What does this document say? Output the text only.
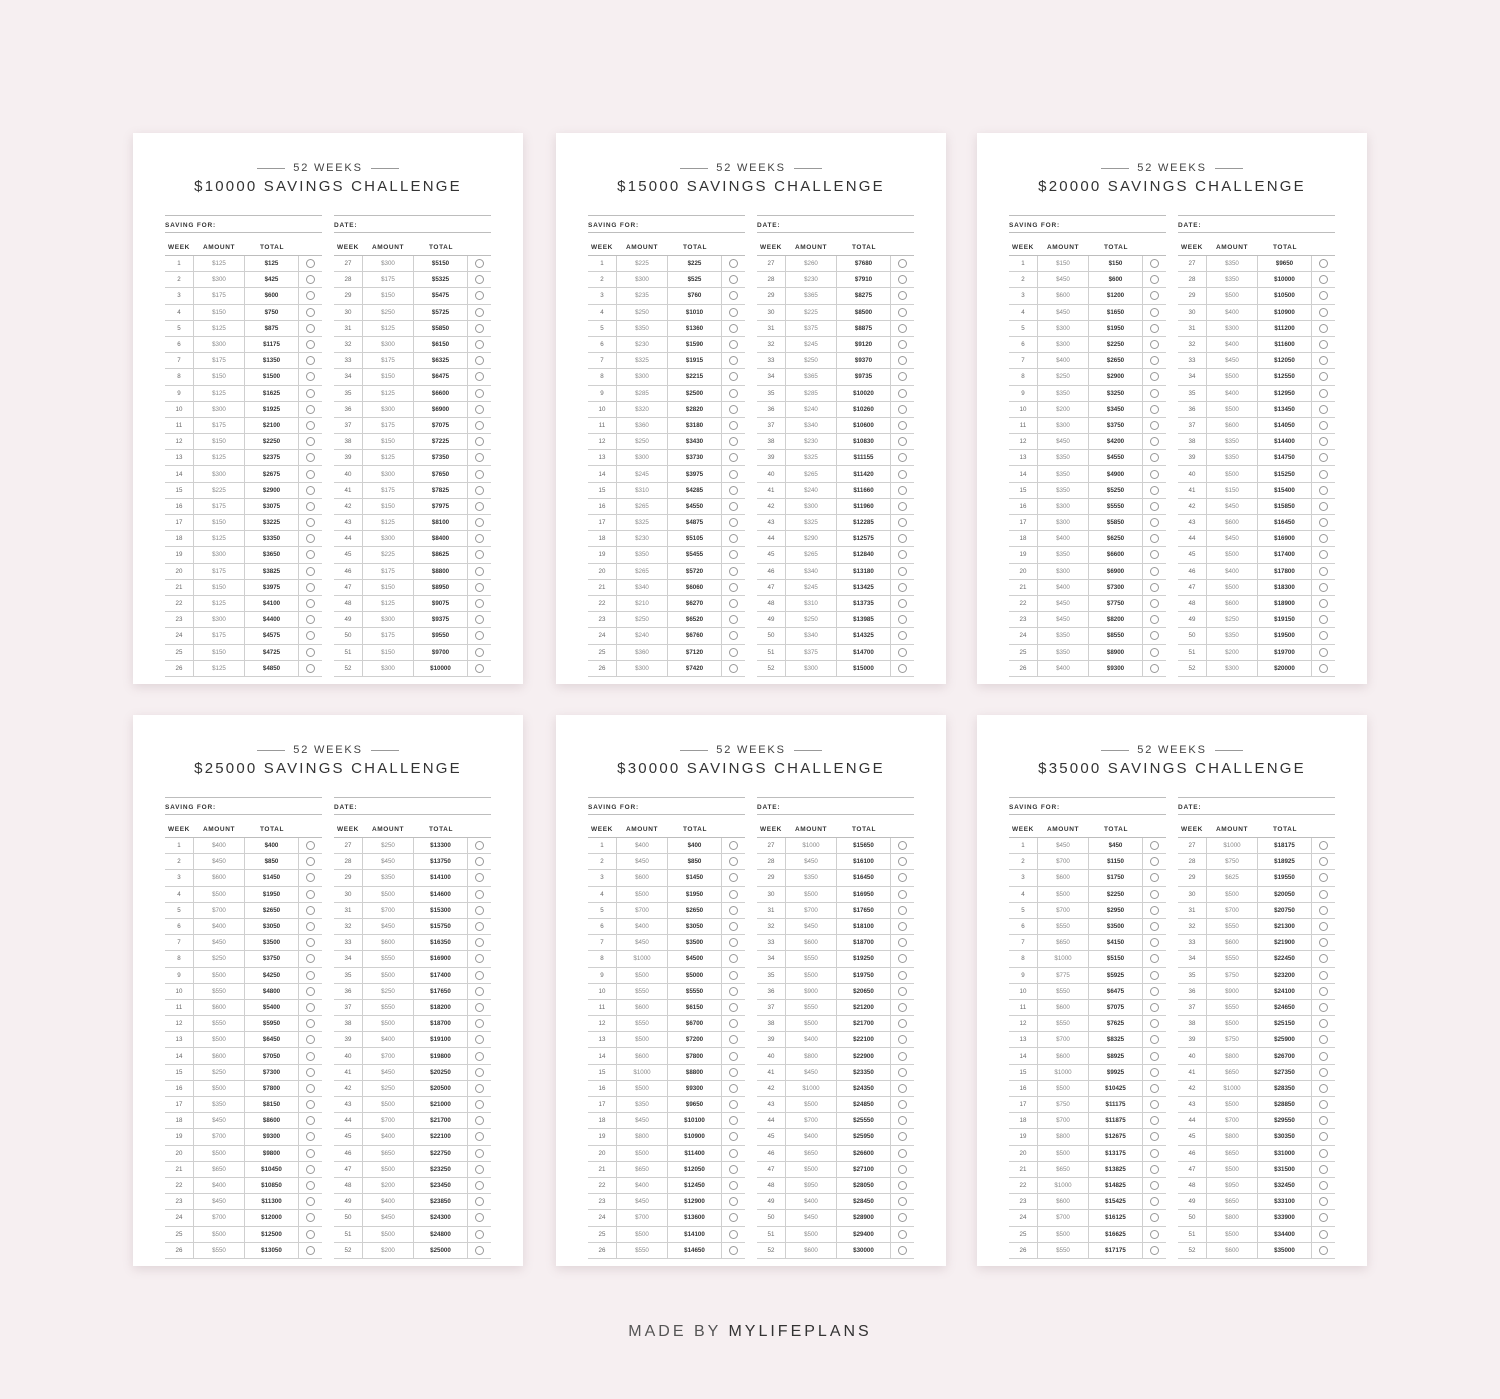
52 WEEKS
$10000 SAVINGS CHALLENGE
SAVING FOR:	DATE:
WEEK	AMOUNT	TOTAL
1	$125	$125
2	$300	$425
3	$175	$600
4	$150	$750
5	$125	$875
6	$300	$1175
7	$175	$1350
8	$150	$1500
9	$125	$1625
10	$300	$1925
11	$175	$2100
12	$150	$2250
13	$125	$2375
14	$300	$2675
15	$225	$2900
16	$175	$3075
17	$150	$3225
18	$125	$3350
19	$300	$3650
20	$175	$3825
21	$150	$3975
22	$125	$4100
23	$300	$4400
24	$175	$4575
25	$150	$4725
26	$125	$4850
WEEK	AMOUNT	TOTAL
27	$300	$5150
28	$175	$5325
29	$150	$5475
30	$250	$5725
31	$125	$5850
32	$300	$6150
33	$175	$6325
34	$150	$6475
35	$125	$6600
36	$300	$6900
37	$175	$7075
38	$150	$7225
39	$125	$7350
40	$300	$7650
41	$175	$7825
42	$150	$7975
43	$125	$8100
44	$300	$8400
45	$225	$8625
46	$175	$8800
47	$150	$8950
48	$125	$9075
49	$300	$9375
50	$175	$9550
51	$150	$9700
52	$300	$10000
52 WEEKS
$15000 SAVINGS CHALLENGE
SAVING FOR:	DATE:
WEEK	AMOUNT	TOTAL
1	$225	$225
2	$300	$525
3	$235	$760
4	$250	$1010
5	$350	$1360
6	$230	$1590
7	$325	$1915
8	$300	$2215
9	$285	$2500
10	$320	$2820
11	$360	$3180
12	$250	$3430
13	$300	$3730
14	$245	$3975
15	$310	$4285
16	$265	$4550
17	$325	$4875
18	$230	$5105
19	$350	$5455
20	$265	$5720
21	$340	$6060
22	$210	$6270
23	$250	$6520
24	$240	$6760
25	$360	$7120
26	$300	$7420
WEEK	AMOUNT	TOTAL
27	$260	$7680
28	$230	$7910
29	$365	$8275
30	$225	$8500
31	$375	$8875
32	$245	$9120
33	$250	$9370
34	$365	$9735
35	$285	$10020
36	$240	$10260
37	$340	$10600
38	$230	$10830
39	$325	$11155
40	$265	$11420
41	$240	$11660
42	$300	$11960
43	$325	$12285
44	$290	$12575
45	$265	$12840
46	$340	$13180
47	$245	$13425
48	$310	$13735
49	$250	$13985
50	$340	$14325
51	$375	$14700
52	$300	$15000
52 WEEKS
$20000 SAVINGS CHALLENGE
SAVING FOR:	DATE:
WEEK	AMOUNT	TOTAL
1	$150	$150
2	$450	$600
3	$600	$1200
4	$450	$1650
5	$300	$1950
6	$300	$2250
7	$400	$2650
8	$250	$2900
9	$350	$3250
10	$200	$3450
11	$300	$3750
12	$450	$4200
13	$350	$4550
14	$350	$4900
15	$350	$5250
16	$300	$5550
17	$300	$5850
18	$400	$6250
19	$350	$6600
20	$300	$6900
21	$400	$7300
22	$450	$7750
23	$450	$8200
24	$350	$8550
25	$350	$8900
26	$400	$9300
WEEK	AMOUNT	TOTAL
27	$350	$9650
28	$350	$10000
29	$500	$10500
30	$400	$10900
31	$300	$11200
32	$400	$11600
33	$450	$12050
34	$500	$12550
35	$400	$12950
36	$500	$13450
37	$600	$14050
38	$350	$14400
39	$350	$14750
40	$500	$15250
41	$150	$15400
42	$450	$15850
43	$600	$16450
44	$450	$16900
45	$500	$17400
46	$400	$17800
47	$500	$18300
48	$600	$18900
49	$250	$19150
50	$350	$19500
51	$200	$19700
52	$300	$20000
52 WEEKS
$25000 SAVINGS CHALLENGE
SAVING FOR:	DATE:
WEEK	AMOUNT	TOTAL
1	$400	$400
2	$450	$850
3	$600	$1450
4	$500	$1950
5	$700	$2650
6	$400	$3050
7	$450	$3500
8	$250	$3750
9	$500	$4250
10	$550	$4800
11	$600	$5400
12	$550	$5950
13	$500	$6450
14	$600	$7050
15	$250	$7300
16	$500	$7800
17	$350	$8150
18	$450	$8600
19	$700	$9300
20	$500	$9800
21	$650	$10450
22	$400	$10850
23	$450	$11300
24	$700	$12000
25	$500	$12500
26	$550	$13050
WEEK	AMOUNT	TOTAL
27	$250	$13300
28	$450	$13750
29	$350	$14100
30	$500	$14600
31	$700	$15300
32	$450	$15750
33	$600	$16350
34	$550	$16900
35	$500	$17400
36	$250	$17650
37	$550	$18200
38	$500	$18700
39	$400	$19100
40	$700	$19800
41	$450	$20250
42	$250	$20500
43	$500	$21000
44	$700	$21700
45	$400	$22100
46	$650	$22750
47	$500	$23250
48	$200	$23450
49	$400	$23850
50	$450	$24300
51	$500	$24800
52	$200	$25000
52 WEEKS
$30000 SAVINGS CHALLENGE
SAVING FOR:	DATE:
WEEK	AMOUNT	TOTAL
1	$400	$400
2	$450	$850
3	$600	$1450
4	$500	$1950
5	$700	$2650
6	$400	$3050
7	$450	$3500
8	$1000	$4500
9	$500	$5000
10	$550	$5550
11	$600	$6150
12	$550	$6700
13	$500	$7200
14	$600	$7800
15	$1000	$8800
16	$500	$9300
17	$350	$9650
18	$450	$10100
19	$800	$10900
20	$500	$11400
21	$650	$12050
22	$400	$12450
23	$450	$12900
24	$700	$13600
25	$500	$14100
26	$550	$14650
WEEK	AMOUNT	TOTAL
27	$1000	$15650
28	$450	$16100
29	$350	$16450
30	$500	$16950
31	$700	$17650
32	$450	$18100
33	$600	$18700
34	$550	$19250
35	$500	$19750
36	$900	$20650
37	$550	$21200
38	$500	$21700
39	$400	$22100
40	$800	$22900
41	$450	$23350
42	$1000	$24350
43	$500	$24850
44	$700	$25550
45	$400	$25950
46	$650	$26600
47	$500	$27100
48	$950	$28050
49	$400	$28450
50	$450	$28900
51	$500	$29400
52	$600	$30000
52 WEEKS
$35000 SAVINGS CHALLENGE
SAVING FOR:	DATE:
WEEK	AMOUNT	TOTAL
1	$450	$450
2	$700	$1150
3	$600	$1750
4	$500	$2250
5	$700	$2950
6	$550	$3500
7	$650	$4150
8	$1000	$5150
9	$775	$5925
10	$550	$6475
11	$600	$7075
12	$550	$7625
13	$700	$8325
14	$600	$8925
15	$1000	$9925
16	$500	$10425
17	$750	$11175
18	$700	$11875
19	$800	$12675
20	$500	$13175
21	$650	$13825
22	$1000	$14825
23	$600	$15425
24	$700	$16125
25	$500	$16625
26	$550	$17175
WEEK	AMOUNT	TOTAL
27	$1000	$18175
28	$750	$18925
29	$625	$19550
30	$500	$20050
31	$700	$20750
32	$550	$21300
33	$600	$21900
34	$550	$22450
35	$750	$23200
36	$900	$24100
37	$550	$24650
38	$500	$25150
39	$750	$25900
40	$800	$26700
41	$650	$27350
42	$1000	$28350
43	$500	$28850
44	$700	$29550
45	$800	$30350
46	$650	$31000
47	$500	$31500
48	$950	$32450
49	$650	$33100
50	$800	$33900
51	$500	$34400
52	$600	$35000
MADE BY MYLIFEPLANS
